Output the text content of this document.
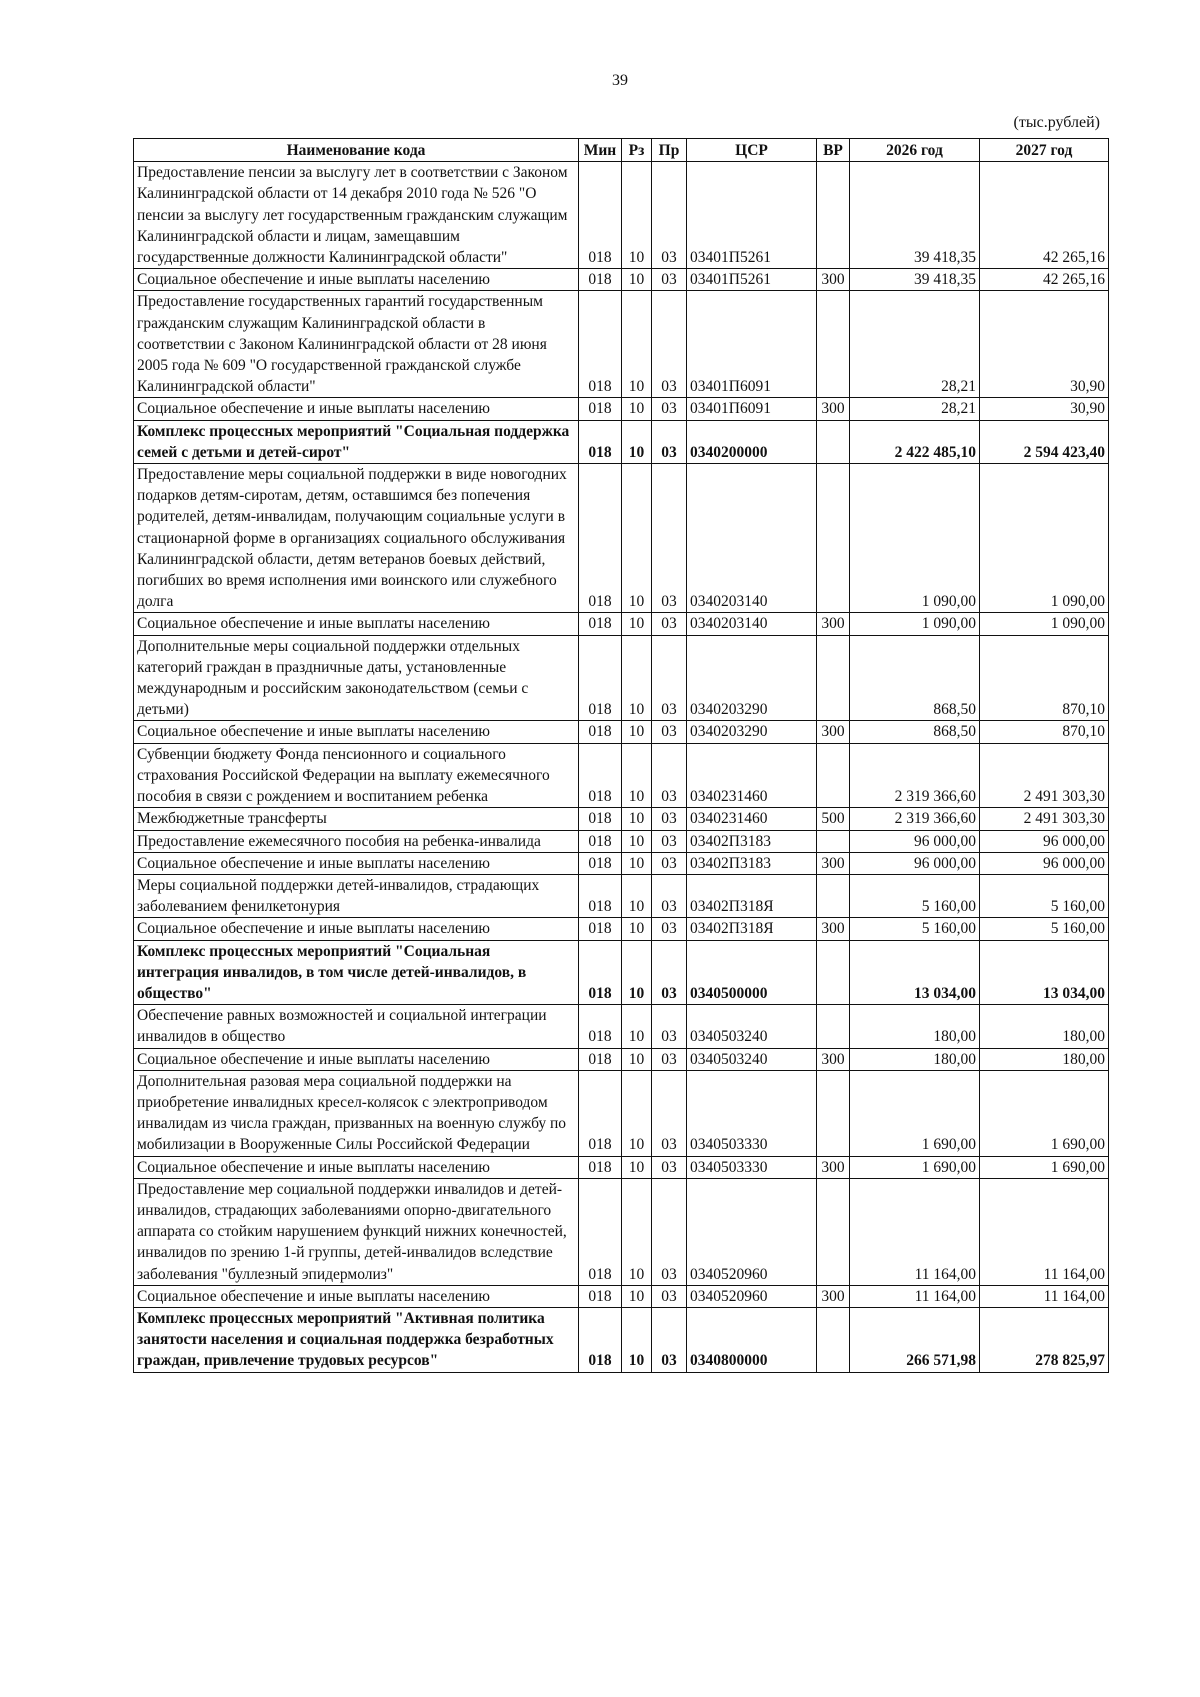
39
(тыс.рублей)
Наименование кода	Мин	Рз	Пр	ЦСР	ВР	2026 год	2027 год
Предоставление пенсии за выслугу лет в соответствии с Законом Калининградской области от 14 декабря 2010 года № 526 "О пенсии за выслугу лет государственным гражданским служащим Калининградской области и лицам, замещавшим государственные должности Калининградской области"	018	10	03	03401П5261		39 418,35	42 265,16
Социальное обеспечение и иные выплаты населению	018	10	03	03401П5261	300	39 418,35	42 265,16
Предоставление государственных гарантий государственным гражданским служащим Калининградской области в соответствии с Законом Калининградской области от 28 июня 2005 года № 609 "О государственной гражданской службе Калининградской области"	018	10	03	03401П6091		28,21	30,90
Социальное обеспечение и иные выплаты населению	018	10	03	03401П6091	300	28,21	30,90
Комплекс процессных мероприятий "Социальная поддержка семей с детьми и детей-сирот"	018	10	03	0340200000		2 422 485,10	2 594 423,40
Предоставление меры социальной поддержки в виде новогодних подарков детям-сиротам, детям, оставшимся без попечения родителей, детям-инвалидам, получающим социальные услуги в стационарной форме в организациях социального обслуживания Калининградской области, детям ветеранов боевых действий, погибших во время исполнения ими воинского или служебного долга	018	10	03	0340203140		1 090,00	1 090,00
Социальное обеспечение и иные выплаты населению	018	10	03	0340203140	300	1 090,00	1 090,00
Дополнительные меры социальной поддержки отдельных категорий граждан в праздничные даты, установленные международным и российским законодательством (семьи с детьми)	018	10	03	0340203290		868,50	870,10
Социальное обеспечение и иные выплаты населению	018	10	03	0340203290	300	868,50	870,10
Субвенции бюджету Фонда пенсионного и социального страхования Российской Федерации на выплату ежемесячного пособия в связи с рождением и воспитанием ребенка	018	10	03	0340231460		2 319 366,60	2 491 303,30
Межбюджетные трансферты	018	10	03	0340231460	500	2 319 366,60	2 491 303,30
Предоставление ежемесячного пособия на ребенка-инвалида	018	10	03	03402П3183		96 000,00	96 000,00
Социальное обеспечение и иные выплаты населению	018	10	03	03402П3183	300	96 000,00	96 000,00
Меры социальной поддержки детей-инвалидов, страдающих заболеванием фенилкетонурия	018	10	03	03402П318Я		5 160,00	5 160,00
Социальное обеспечение и иные выплаты населению	018	10	03	03402П318Я	300	5 160,00	5 160,00
Комплекс процессных мероприятий "Социальная интеграция инвалидов, в том числе детей-инвалидов, в общество"	018	10	03	0340500000		13 034,00	13 034,00
Обеспечение равных возможностей и социальной интеграции инвалидов в общество	018	10	03	0340503240		180,00	180,00
Социальное обеспечение и иные выплаты населению	018	10	03	0340503240	300	180,00	180,00
Дополнительная разовая мера социальной поддержки на приобретение инвалидных кресел-колясок с электроприводом инвалидам из числа граждан, призванных на военную службу по мобилизации в Вооруженные Силы Российской Федерации	018	10	03	0340503330		1 690,00	1 690,00
Социальное обеспечение и иные выплаты населению	018	10	03	0340503330	300	1 690,00	1 690,00
Предоставление мер социальной поддержки инвалидов и детей-инвалидов, страдающих заболеваниями опорно-двигательного аппарата со стойким нарушением функций нижних конечностей, инвалидов по зрению 1-й группы, детей-инвалидов вследствие заболевания "буллезный эпидермолиз"	018	10	03	0340520960		11 164,00	11 164,00
Социальное обеспечение и иные выплаты населению	018	10	03	0340520960	300	11 164,00	11 164,00
Комплекс процессных мероприятий "Активная политика занятости населения и социальная поддержка безработных граждан, привлечение трудовых ресурсов"	018	10	03	0340800000		266 571,98	278 825,97
